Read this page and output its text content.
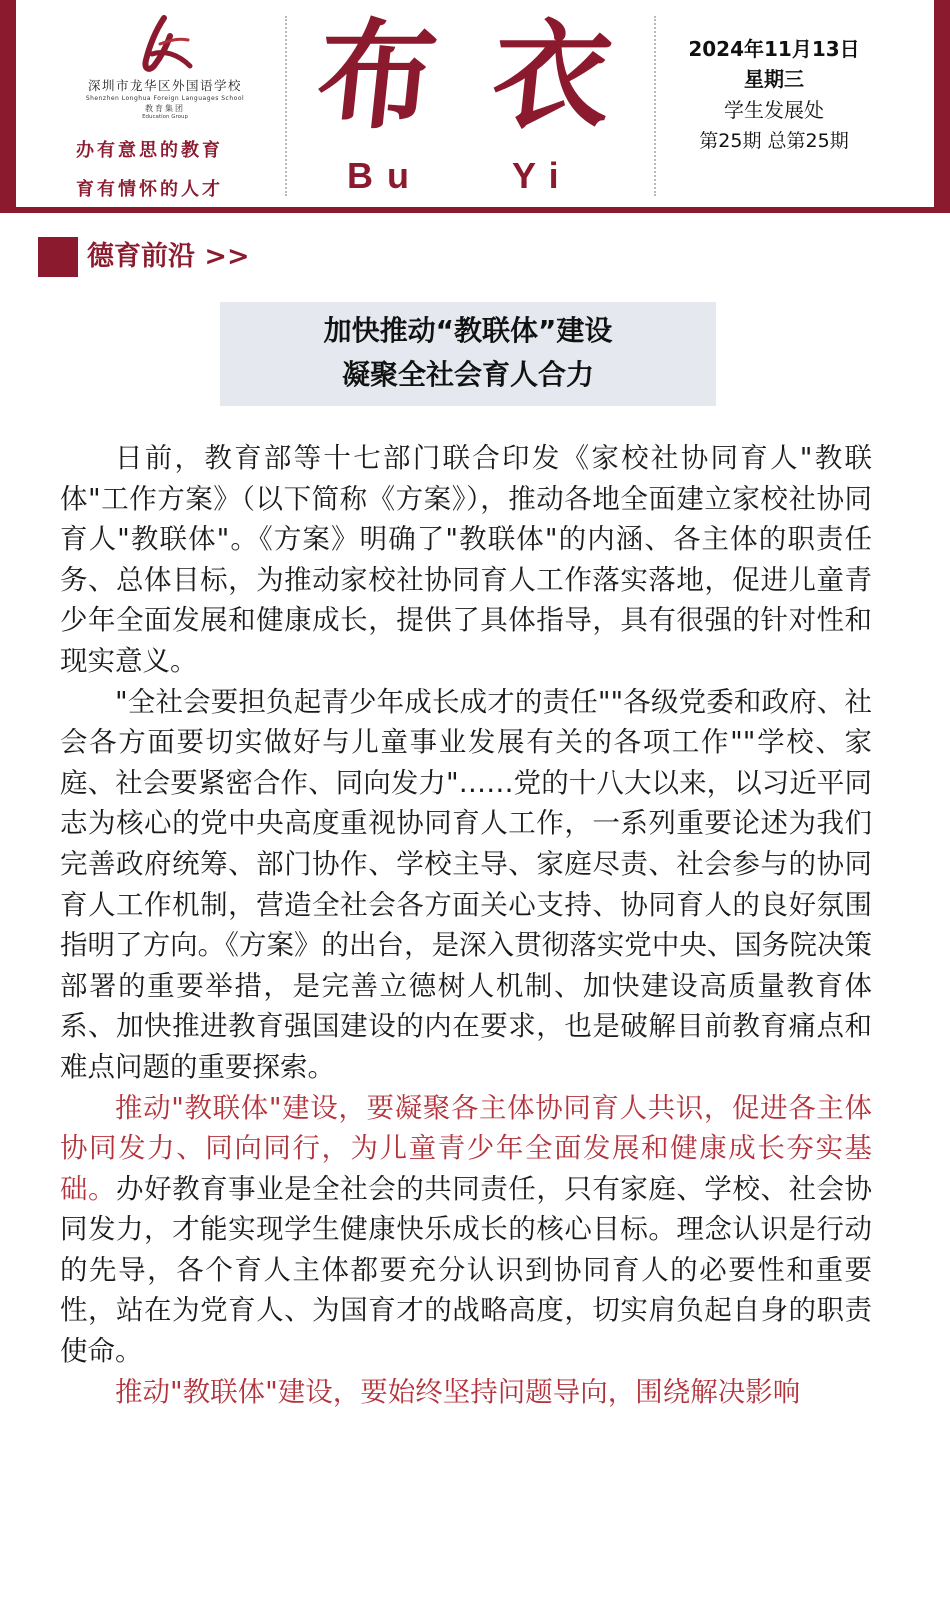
深圳市龙华区外国语学校
Shenzhen Longhua Foreign Languages School
教育集团
Education Group
办有意思的教育
育有情怀的人才
布 衣
Bu Yi
2024年11月13日
星期三
学生发展处
第25期 总第25期
德育前沿 >>
加快推动“教联体”建设
凝聚全社会育人合力

日前，教育部等十七部门联合印发《家校社协同育人"教联体"工作方案》（以下简称《方案》），推动各地全面建立家校社协同育人"教联体"。《方案》明确了"教联体"的内涵、各主体的职责任务、总体目标，为推动家校社协同育人工作落实落地，促进儿童青少年全面发展和健康成长，提供了具体指导，具有很强的针对性和现实意义。

"全社会要担负起青少年成长成才的责任""各级党委和政府、社会各方面要切实做好与儿童事业发展有关的各项工作""学校、家庭、社会要紧密合作、同向发力"……党的十八大以来，以习近平同志为核心的党中央高度重视协同育人工作，一系列重要论述为我们完善政府统筹、部门协作、学校主导、家庭尽责、社会参与的协同育人工作机制，营造全社会各方面关心支持、协同育人的良好氛围指明了方向。《方案》的出台，是深入贯彻落实党中央、国务院决策部署的重要举措，是完善立德树人机制、加快建设高质量教育体系、加快推进教育强国建设的内在要求，也是破解目前教育痛点和难点问题的重要探索。

推动"教联体"建设，要凝聚各主体协同育人共识，促进各主体协同发力、同向同行，为儿童青少年全面发展和健康成长夯实基础。办好教育事业是全社会的共同责任，只有家庭、学校、社会协同发力，才能实现学生健康快乐成长的核心目标。理念认识是行动的先导，各个育人主体都要充分认识到协同育人的必要性和重要性，站在为党育人、为国育才的战略高度，切实肩负起自身的职责使命。

推动"教联体"建设，要始终坚持问题导向，围绕解决影响
